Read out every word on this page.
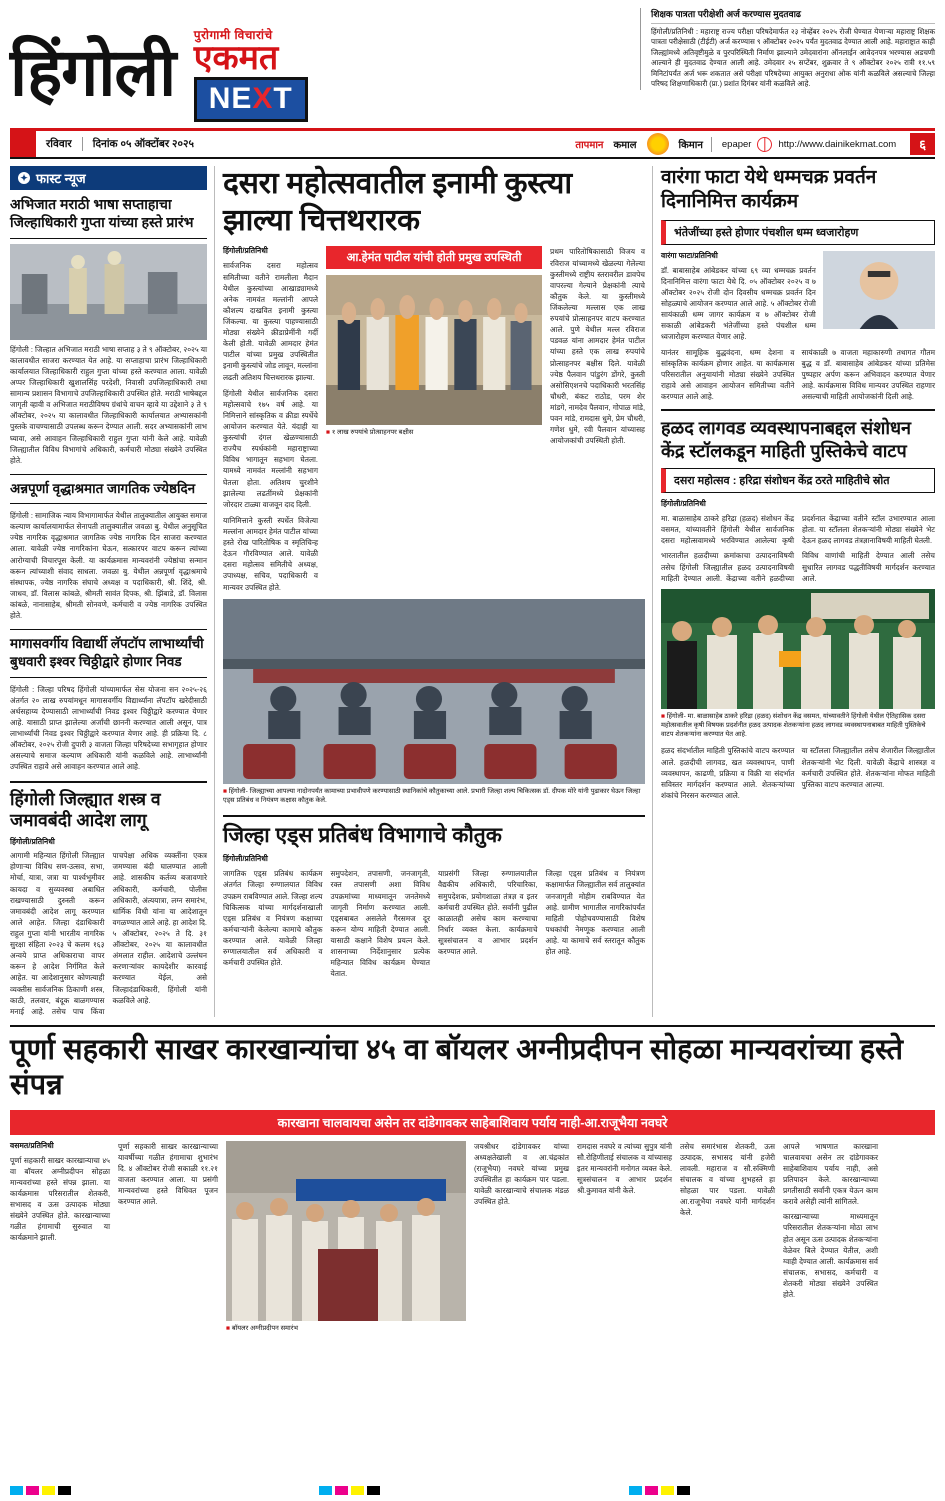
हिंगोली
पुरोगामी विचारांचे
एकमत
NEXT
शिक्षक पात्रता परीक्षेशी अर्ज करण्यास मुदतवाढ
हिंगोली/प्रतिनिधी : महाराष्ट्र राज्य परीक्षा परिषदेमार्फत २३ नोव्हेंबर २०२५ रोजी घेण्यात येणाऱ्या महाराष्ट्र शिक्षक पात्रता परीक्षेसाठी (टीईटी) अर्ज करण्यास ९ ऑक्टोबर २०२५ पर्यंत मुदतवाढ देण्यात आली आहे. महाराष्ट्रात काही जिल्ह्यांमध्ये अतिवृष्टीमुळे व पुरपरिस्थिती निर्माण झाल्याने उमेदवारांना ऑनलाईन आवेदनपत्र भरण्यास अडचणी आल्याने ही मुदतवाढ देण्यात आली आहे. उमेदवार २५ सप्टेंबर, शुक्रवार ते ९ ऑक्टोबर २०२५ रात्री ११.५९ मिनिटांपर्यंत अर्ज भरू शकतात असे परीक्षा परिषदेच्या आयुक्त अनुराधा ओक यांनी कळविले असल्याचे जिल्हा परिषद शिक्षणाधिकारी (प्रा.) प्रशांत दिगंबर यांनी कळविले आहे.
रविवार	दिनांक ०५ ऑक्टोंबर २०२५	तापमान कमाल	किमान epaper	http://www.dainikekmat.com	६
✦ फास्ट न्यूज
अभिजात मराठी भाषा सप्ताहाचा जिल्हाधिकारी गुप्ता यांच्या हस्ते प्रारंभ
हिंगोली : जिल्हात अभिजात मराठी भाषा सप्ताह ३ ते ९ ऑक्टोबर, २०२५ या कालावधीत साजरा करण्यात येत आहे. या सप्ताहाचा प्रारंभ जिल्हाधिकारी कार्यालयात जिल्हाधिकारी राहुल गुप्ता यांच्या हस्ते करण्यात आला. यावेळी अप्पर जिल्हाधिकारी खुशालसिंह परदेशी, निवासी उपजिल्हाधिकारी तथा सामान्य प्रशासन विभागाचे उपजिल्हाधिकारी उपस्थित होते. मराठी भाषेबद्दल जागृती व्हावी व अभिजात मराठीविषय ग्रंथांचे वाचन व्हावे या उद्देशाने ३ ते ९ ऑक्टोबर, २०२५ या कालावधीत जिल्हाधिकारी कार्यालयात अभ्यासकांनी पुस्तके वाचण्यासाठी उपलब्ध करून देण्यात आली. सदर अभ्यासकांनी लाभ घ्यावा, असे आवाहन जिल्हाधिकारी राहुल गुप्ता यांनी केले आहे. यावेळी जिल्ह्यातील विविध विभागांचे अधिकारी, कर्मचारी मोठ्या संख्येने उपस्थित होते.
अन्नपूर्णा वृद्धाश्रमात जागतिक ज्येष्ठदिन
हिंगोली : सामाजिक न्याय विभागामार्फत येथील तालुक्यातील आयुक्त समाज कल्याण कार्यालयामार्फत सेनापती तालुक्यातील जवळा बु. येथील अनुसूचित ज्येष्ठ नागरिक वृद्धाश्रमात जागतिक ज्येष्ठ नागरिक दिन साजरा करण्यात आला. यावेळी ज्येष्ठ नागरिकांना घेऊन, सत्कारपर वाटप करून त्यांच्या आरोग्याची विचारपूस केली. या कार्यक्रमास मान्यवरांनी ज्येष्ठांचा सन्मान करून त्यांच्याशी संवाद साधला. जवळा बु. येथील अन्नपूर्णा वृद्धाश्रमाचे संस्थापक, ज्येष्ठ नागरिक संघाचे अध्यक्ष व पदाधिकारी, श्री. शिंदे, श्री. जाधव, डॉ. विलास कांबळे, श्रीमती सावंत दिपक, श्री. झिंबाडे, डॉ. विलास कांबळे, नानासाहेब, श्रीमती सोनवणे, कर्मचारी व ज्येष्ठ नागरिक उपस्थित होते.
मागासवर्गीय विद्यार्थी लॅपटॉप लाभार्थ्यांची बुधवारी इश्वर चिठ्ठीद्वारे होणार निवड
हिंगोली : जिल्हा परिषद हिंगोली यांच्यामार्फत सेस योजना सन २०२५-२६ अंतर्गत २० लाख रुपयांमधून मागासवर्गीय विद्यार्थ्यांना लॅपटॉप खरेदीसाठी अर्थसहाय्य देण्यासाठी लाभार्थ्यांची निवड इश्वर चिठ्ठीद्वारे करण्यात येणार आहे. यासाठी प्राप्त झालेल्या अर्जांची छाननी करण्यात आली असून, पात्र लाभार्थ्यांची निवड इश्वर चिठ्ठीद्वारे करण्यात येणार आहे. ही प्रक्रिया दि. ८ ऑक्टोबर, २०२५ रोजी दुपारी ३ वाजता जिल्हा परिषदेच्या सभागृहात होणार असल्याचे समाज कल्याण अधिकारी यांनी कळविले आहे. लाभार्थ्यांनी उपस्थित राहावे असे आवाहन करण्यात आले आहे.
हिंगोली जिल्ह्यात शस्त्र व जमावबंदी आदेश लागू
हिंगोली/प्रतिनिधी
आगामी महिन्यात हिंगोली जिल्ह्यात होणाऱ्या विविध सण-उत्सव, सभा, मोर्चा, यात्रा, जत्रा या पार्श्वभूमीवर कायदा व सुव्यवस्था अबाधित राखण्यासाठी दुरुस्ती करून जमावबंदी आदेश लागू करण्यात आले आहेत. जिल्हा दंडाधिकारी राहुल गुप्ता यांनी भारतीय नागरिक सुरक्षा संहिता २०२३ चे कलम १६३ अन्वये प्राप्त अधिकाराचा वापर करून हे आदेश निर्गमित केले आहेत. या आदेशानुसार कोणत्याही व्यक्तीस सार्वजनिक ठिकाणी शस्त्र, काठी, तलवार, बंदूक बाळगण्यास मनाई आहे. तसेच पाच किंवा पाचपेक्षा अधिक व्यक्तींना एकत्र जमण्यास बंदी घालण्यात आली आहे. शासकीय कर्तव्य बजावणारे अधिकारी, कर्मचारी, पोलीस अधिकारी, अंत्ययात्रा, लग्न समारंभ, धार्मिक विधी यांना या आदेशातून वगळण्यात आले आहे. हा आदेश दि. ५ ऑक्टोबर, २०२५ ते दि. ३१ ऑक्टोबर, २०२५ या कालावधीत अंमलात राहील. आदेशाचे उल्लंघन करणाऱ्यांवर कायदेशीर कारवाई करण्यात येईल, असे जिल्हादंडाधिकारी, हिंगोली यांनी कळविले आहे.
दसरा महोत्सवातील इनामी कुस्त्या झाल्या चित्तथरारक
हिंगोली/प्रतिनिधी
सार्वजनिक दसरा महोत्सव समितीच्या वतीने रामलीला मैदान येथील कुस्त्यांच्या आखाड्यामध्ये अनेक नामवंत मल्लांनी आपले कौशल्य दाखवित इनामी कुस्त्या जिंकल्या. या कुस्त्या पाहण्यासाठी मोठ्या संख्येने क्रीडाप्रेमींनी गर्दी केली होती. यावेळी आमदार हेमंत पाटील यांच्या प्रमुख उपस्थितीत इनामी कुस्त्यांचे जोड लावून, मल्लांना लढती अतिशय चित्तथरारक झाल्या.
हिंगोली येथील सार्वजनिक दसरा महोत्सवाचे १७५ वर्ष आहे. या निमित्ताने सांस्कृतिक व क्रीडा स्पर्धेचे आयोजन करण्यात येते. यंदाही या कुस्त्यांची दंगल खेळण्यासाठी राज्यैच स्पर्धकांनी महाराष्ट्राच्या विविध भागातून सहभाग घेतला. यामध्ये नामवंत मल्लांनी सहभाग घेतला होता. अतिशय चुरशीने झालेल्या लढतींमध्ये प्रेक्षकांनी जोरदार टाळ्या वाजवून दाद दिली.
यानिमित्ताने कुस्ती स्पर्धेत विजेत्या मल्लांना आमदार हेमंत पाटील यांच्या हस्ते रोख पारितोषिक व स्मृतिचिन्ह देऊन गौरविण्यात आले. यावेळी दसरा महोत्सव समितीचे अध्यक्ष, उपाध्यक्ष, सचिव, पदाधिकारी व मान्यवर उपस्थित होते.
आ.हेमंत पाटील यांची होती प्रमुख उपस्थिती
■ १ लाख रुपयांचे प्रोत्साहनपर बक्षीस
प्रथम पारितोषिकासाठी विजय व रविराज यांच्यामध्ये खेळल्या गेलेल्या कुस्तीमध्ये राष्ट्रीय स्तरावरील डावपेच वापरल्या गेल्याने प्रेक्षकांनी त्याचे कौतुक केले. या कुस्तीमध्ये जिंकलेल्या मल्लास एक लाख रुपयांचे प्रोत्साहनपर वाटप करण्यात आले. पुणे येथील मल्ल रविराज पडवळ यांना आमदार हेमंत पाटील यांच्या हस्ते एक लाख रुपयांचे प्रोत्साहनपर बक्षीस दिले. यावेळी ज्येष्ठ पैलवान पांडुरंग डोंगरे, कुस्ती असोसिएशनचे पदाधिकारी भरतसिंह चौधरी, बंकट राठोड, परम शेर मांडगे, नामदेव पैलवान, गोपाळ मांडे, पवन मांडे, रामदास धुमे, प्रेम चौधरी, गणेश धुमे, रवी पैलवान यांच्यासह आयोजकांची उपस्थिती होती.
■ हिंगोली- जिल्ह्याच्या आपल्या नादोनपर्यंत कामाच्या प्रभावीपणे करण्यासाठी स्थानिकांचे कौतुकाच्या आले. प्रभारी जिल्हा शल्य चिकित्सक डॉ. दीपक मोरे यांनी पुढाकार घेऊन जिल्हा एड्स प्रतिबंध व नियंत्रण कक्षास कौतुक केले.
जिल्हा एड्स प्रतिबंध विभागाचे कौतुक
हिंगोली/प्रतिनिधी
जागतिक एड्स प्रतिबंध कार्यक्रम अंतर्गत जिल्हा रुग्णालयात विविध उपक्रम राबविण्यात आले. जिल्हा शल्य चिकित्सक यांच्या मार्गदर्शनाखाली एड्स प्रतिबंध व नियंत्रण कक्षाच्या कर्मचाऱ्यांनी केलेल्या कामाचे कौतुक करण्यात आले. यावेळी जिल्हा रुग्णालयातील सर्व अधिकारी व कर्मचारी उपस्थित होते.
समुपदेशन, तपासणी, जनजागृती, रक्त तपासणी अशा विविध उपक्रमांच्या माध्यमातून जनतेमध्ये जागृती निर्माण करण्यात आली. एड्सबाबत असलेले गैरसमज दूर करून योग्य माहिती देण्यात आली. यासाठी कक्षाने विशेष प्रयत्न केले. शासनाच्या निर्देशानुसार प्रत्येक महिन्यात विविध कार्यक्रम घेण्यात येतात.
याप्रसंगी जिल्हा रुग्णालयातील वैद्यकीय अधिकारी, परिचारिका, समुपदेशक, प्रयोगशाळा तंत्रज्ञ व इतर कर्मचारी उपस्थित होते. सर्वांनी पुढील काळातही असेच काम करण्याचा निर्धार व्यक्त केला. कार्यक्रमाचे सूत्रसंचालन व आभार प्रदर्शन करण्यात आले.
जिल्हा एड्स प्रतिबंध व नियंत्रण कक्षामार्फत जिल्ह्यातील सर्व तालुक्यांत जनजागृती मोहीम राबविण्यात येत आहे. ग्रामीण भागातील नागरिकांपर्यंत माहिती पोहोचवण्यासाठी विशेष पथकांची नेमणूक करण्यात आली आहे. या कामाचे सर्व स्तरातून कौतुक होत आहे.
वारंगा फाटा येथे धम्मचक्र प्रवर्तन दिनानिमित्त कार्यक्रम
भंतेजींच्या हस्ते होणार पंचशील धम्म ध्वजारोहण
वारंगा फाटा/प्रतिनिधी
डॉ. बाबासाहेब आंबेडकर यांच्या ६९ व्या धम्मचक्र प्रवर्तन दिनानिमित्त वारंगा फाटा येथे दि. ०५ ऑक्टोबर २०२५ व ७ ऑक्टोबर २०२५ रोजी दोन दिवसीय धम्मचक्र प्रवर्तन दिन सोहळ्याचे आयोजन करण्यात आले आहे. ५ ऑक्टोबर रोजी सायंकाळी धम्म जागर कार्यक्रम व ७ ऑक्टोबर रोजी सकाळी आंबेडकरी भंतेजींच्या हस्ते पंचशील धम्म ध्वजारोहण करण्यात येणार आहे.
यानंतर सामूहिक बुद्धवंदना, धम्म देशना व सांस्कृतिक कार्यक्रम होणार आहेत. या कार्यक्रमास परिसरातील अनुयायांनी मोठ्या संख्येने उपस्थित राहावे असे आवाहन आयोजन समितीच्या वतीने करण्यात आले आहे.
सायंकाळी ७ वाजता महाकारुणी तथागत गौतम बुद्ध व डॉ. बाबासाहेब आंबेडकर यांच्या प्रतिमेस पुष्पहार अर्पण करून अभिवादन करण्यात येणार आहे. कार्यक्रमास विविध मान्यवर उपस्थित राहणार असल्याची माहिती आयोजकांनी दिली आहे.
हळद लागवड व्यवस्थापनाबद्दल संशोधन केंद्र स्टॉलकडून माहिती पुस्तिकेचे वाटप
दसरा महोत्सव : हरिद्रा संशोधन केंद्र ठरते माहितीचे स्रोत
हिंगोली/प्रतिनिधी
मा. बाळासाहेब ठाकरे हरिद्रा (हळद) संशोधन केंद्र वसमत, यांच्यावतीने हिंगोली येथील सार्वजनिक दसरा महोत्सवामध्ये भरविण्यात आलेल्या कृषी प्रदर्शनात केंद्राच्या वतीने स्टॉल उभारण्यात आला होता. या स्टॉलला शेतकऱ्यांनी मोठ्या संख्येने भेट देऊन हळद लागवड तंत्रज्ञानाविषयी माहिती घेतली.
भारतातील हळदीच्या क्रमांकाचा उत्पादनाविषयी तसेच हिंगोली जिल्ह्यातील हळद उत्पादनाविषयी माहिती देण्यात आली. केंद्राच्या वतीने हळदीच्या विविध वाणांची माहिती देण्यात आली तसेच सुधारित लागवड पद्धतीविषयी मार्गदर्शन करण्यात आले.
■ हिंगोली- मा. बाळासाहेब ठाकरे हरिद्रा (हळद) संशोधन केंद्र वसमत, यांच्यावतीने हिंगोली येथील ऐतिहासिक दसरा महोत्सवातील कृषी विषयक प्रदर्शनीत हळद उत्पादक शेतकऱ्यांना हळद लागवड व्यवस्थापनाबाबत माहिती पुस्तिकेचे वाटप शेतकऱ्यांना करण्यात येत आहे.
हळद संदर्भातील माहिती पुस्तिकांचे वाटप करण्यात आले. हळदीची लागवड, खत व्यवस्थापन, पाणी व्यवस्थापन, काढणी, प्रक्रिया व विक्री या संदर्भात सविस्तर मार्गदर्शन करण्यात आले. शेतकऱ्यांच्या शंकांचे निरसन करण्यात आले.
या स्टॉलला जिल्ह्यातील तसेच शेजारील जिल्ह्यातील शेतकऱ्यांनी भेट दिली. यावेळी केंद्राचे शास्त्रज्ञ व कर्मचारी उपस्थित होते. शेतकऱ्यांना मोफत माहिती पुस्तिका वाटप करण्यात आल्या.
पूर्णा सहकारी साखर कारखान्यांचा ४५ वा बॉयलर अग्नीप्रदीपन सोहळा मान्यवरांच्या हस्ते संपन्न
कारखाना चालवायचा असेन तर दांडेगावकर साहेबाशिवाय पर्याय नाही-आ.राजूभैया नवघरे
वसमत/प्रतिनिधी
पूर्णा सहकारी साखर कारखान्याचा ४५ वा बॉयलर अग्नीप्रदीपन सोहळा मान्यवरांच्या हस्ते संपन्न झाला. या कार्यक्रमास परिसरातील शेतकरी, सभासद व ऊस उत्पादक मोठ्या संख्येने उपस्थित होते. कारखान्याच्या गळीत हंगामाची सुरुवात या कार्यक्रमाने झाली.
पूर्णा सहकारी साखर कारखान्याच्या यावर्षीच्या गळीत हंगामाचा शुभारंभ दि. ४ ऑक्टोबर रोजी सकाळी ११.२१ वाजता करण्यात आला. या प्रसंगी मान्यवरांच्या हस्ते विधिवत पूजन करण्यात आले.
■ बॉयलर अग्नीप्रदीपन समारंभ
जयश्रीधर दांडेगावकर यांच्या अध्यक्षतेखाली व आ.चंद्रकांत (राजूभैया) नवघरे यांच्या प्रमुख उपस्थितीत हा कार्यक्रम पार पडला. यावेळी कारखान्याचे संचालक मंडळ उपस्थित होते.
रामदास नवघरे व त्यांच्या सुपुत्र यांनी सौ.रोहिणीताई संचालक व यांच्यासह इतर मान्यवरांनी मनोगत व्यक्त केले. सूत्रसंचालन व आभार प्रदर्शन श्री.कुमावत यांनी केले.
तसेच समारंभास शेतकरी, ऊस उत्पादक, सभासद यांनी हजेरी लावली. महाराज व सौ.रुक्मिणी संचालक व यांच्या शुभहस्ते हा सोहळा पार पडला. यावेळी आ.राजूभैया नवघरे यांनी मार्गदर्शन केले.
आपले भाषणात कारखाना चालवायचा असेन तर दांडेगावकर साहेबाशिवाय पर्याय नाही, असे प्रतिपादन केले. कारखान्याच्या प्रगतीसाठी सर्वांनी एकत्र येऊन काम करावे असेही त्यांनी सांगितले.
कारखान्याच्या माध्यमातून परिसरातील शेतकऱ्यांना मोठा लाभ होत असून ऊस उत्पादक शेतकऱ्यांना वेळेवर बिले देण्यात येतील, अशी ग्वाही देण्यात आली. कार्यक्रमास सर्व संचालक, सभासद, कर्मचारी व शेतकरी मोठ्या संख्येने उपस्थित होते.
